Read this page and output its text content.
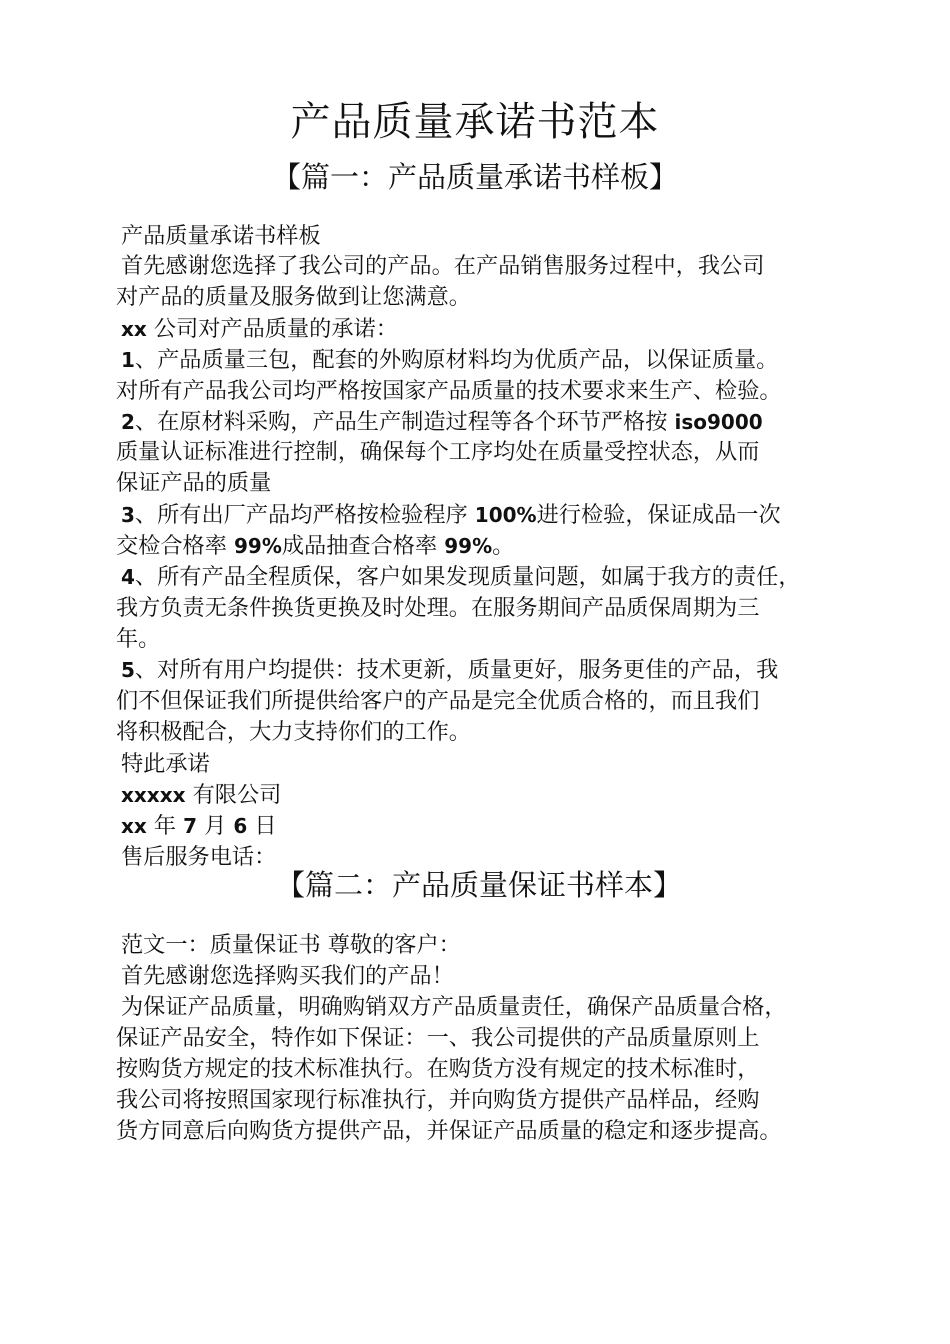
产品质量承诺书范本
【篇一：产品质量承诺书样板】
产品质量承诺书样板
首先感谢您选择了我公司的产品。在产品销售服务过程中，我公司
对产品的质量及服务做到让您满意。
xx 公司对产品质量的承诺：
1、产品质量三包，配套的外购原材料均为优质产品，以保证质量。
对所有产品我公司均严格按国家产品质量的技术要求来生产、检验。
2、在原材料采购，产品生产制造过程等各个环节严格按 iso9000
质量认证标准进行控制，确保每个工序均处在质量受控状态，从而
保证产品的质量
3、所有出厂产品均严格按检验程序 100%进行检验，保证成品一次
交检合格率 99%成品抽查合格率 99%。
4、所有产品全程质保，客户如果发现质量问题，如属于我方的责任，
我方负责无条件换货更换及时处理。在服务期间产品质保周期为三
年。
5、对所有用户均提供：技术更新，质量更好，服务更佳的产品，我
们不但保证我们所提供给客户的产品是完全优质合格的，而且我们
将积极配合，大力支持你们的工作。
特此承诺
xxxxx 有限公司
xx 年 7 月 6 日
售后服务电话：
【篇二：产品质量保证书样本】
范文一：质量保证书 尊敬的客户：
首先感谢您选择购买我们的产品！
为保证产品质量，明确购销双方产品质量责任，确保产品质量合格，
保证产品安全，特作如下保证：一、我公司提供的产品质量原则上
按购货方规定的技术标准执行。在购货方没有规定的技术标准时，
我公司将按照国家现行标准执行，并向购货方提供产品样品，经购
货方同意后向购货方提供产品，并保证产品质量的稳定和逐步提高。
